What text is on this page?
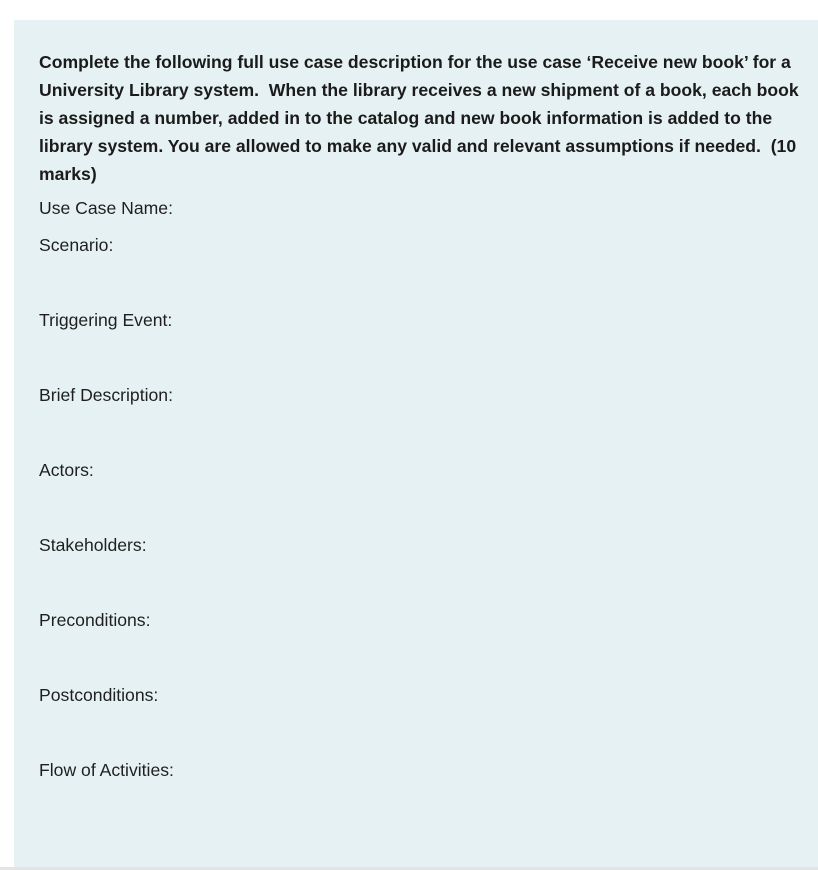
Complete the following full use case description for the use case ‘Receive new book’ for a University Library system.  When the library receives a new shipment of a book, each book is assigned a number, added in to the catalog and new book information is added to the library system. You are allowed to make any valid and relevant assumptions if needed.  (10 marks)

Use Case Name:
Scenario:
Triggering Event:
Brief Description:
Actors:
Stakeholders:
Preconditions:
Postconditions:
Flow of Activities:
